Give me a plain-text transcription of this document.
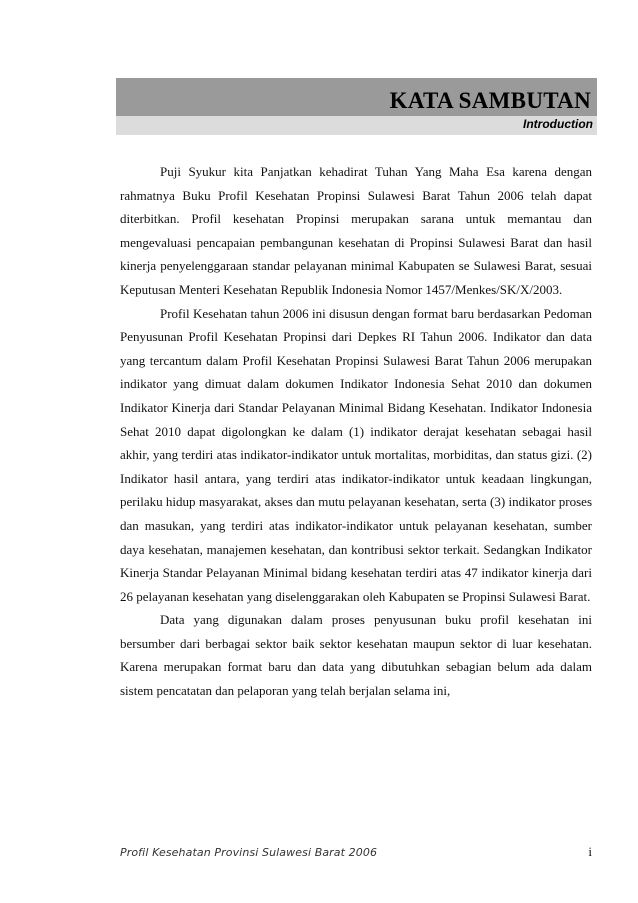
KATA SAMBUTAN
Introduction

Puji Syukur kita Panjatkan kehadirat Tuhan Yang Maha Esa karena dengan rahmatnya Buku Profil Kesehatan Propinsi Sulawesi Barat Tahun 2006 telah dapat diterbitkan. Profil kesehatan Propinsi merupakan sarana untuk memantau dan mengevaluasi pencapaian pembangunan kesehatan di Propinsi Sulawesi Barat dan hasil kinerja penyelenggaraan standar pelayanan minimal Kabupaten se Sulawesi Barat, sesuai Keputusan Menteri Kesehatan Republik Indonesia Nomor 1457/Menkes/SK/X/2003.

Profil Kesehatan tahun 2006 ini disusun dengan format baru berdasarkan Pedoman Penyusunan Profil Kesehatan Propinsi dari Depkes RI Tahun 2006. Indikator dan data yang tercantum dalam Profil Kesehatan Propinsi Sulawesi Barat Tahun 2006 merupakan indikator yang dimuat dalam dokumen Indikator Indonesia Sehat 2010 dan dokumen Indikator Kinerja dari Standar Pelayanan Minimal Bidang Kesehatan. Indikator Indonesia Sehat 2010 dapat digolongkan ke dalam (1) indikator derajat kesehatan sebagai hasil akhir, yang terdiri atas indikator-indikator untuk mortalitas, morbiditas, dan status gizi. (2) Indikator hasil antara, yang terdiri atas indikator-indikator untuk keadaan lingkungan, perilaku hidup masyarakat, akses dan mutu pelayanan kesehatan, serta (3) indikator proses dan masukan, yang terdiri atas indikator-indikator untuk pelayanan kesehatan, sumber daya kesehatan, manajemen kesehatan, dan kontribusi sektor terkait. Sedangkan Indikator Kinerja Standar Pelayanan Minimal bidang kesehatan terdiri atas 47 indikator kinerja dari 26 pelayanan kesehatan yang diselenggarakan oleh Kabupaten se Propinsi Sulawesi Barat.

Data yang digunakan dalam proses penyusunan buku profil kesehatan ini bersumber dari berbagai sektor baik sektor kesehatan maupun sektor di luar kesehatan. Karena merupakan format baru dan data yang dibutuhkan sebagian belum ada dalam sistem pencatatan dan pelaporan yang telah berjalan selama ini,

Profil Kesehatan Provinsi Sulawesi Barat 2006	i
